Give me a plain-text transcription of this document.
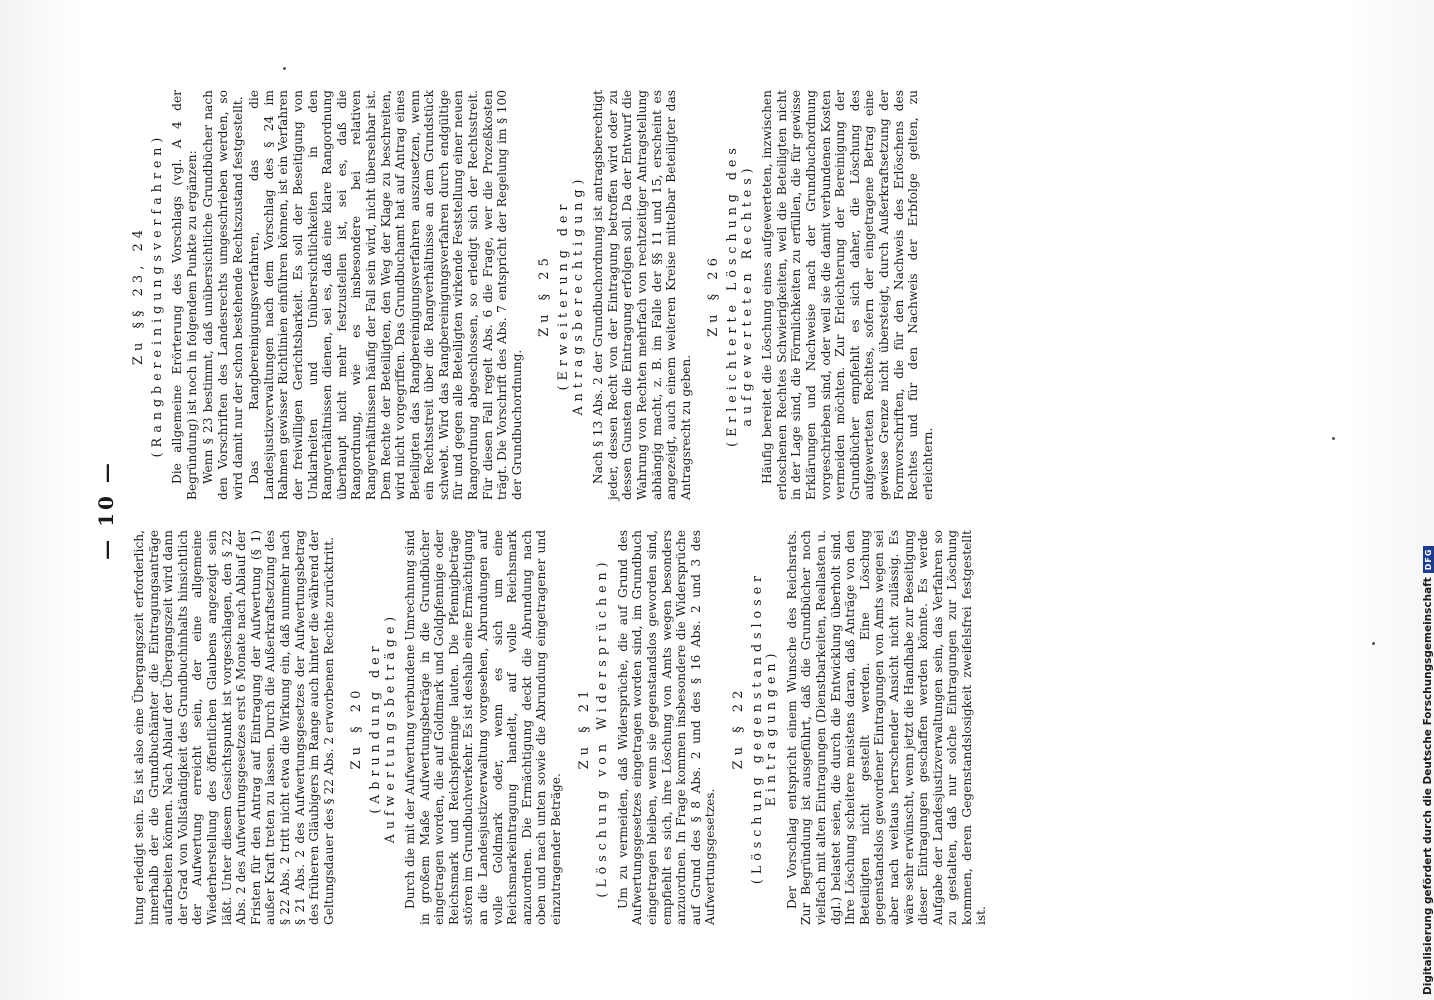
— 10 —

tung erledigt sein. Es ist also eine Übergangszeit erforderlich, innerhalb der die Grundbuchämter die Eintragungsanträge aufarbeiten können. Nach Ablauf der Übergangszeit wird dann der Grad von Vollständigkeit des Grundbuchinhalts hinsichtlich der Aufwertung erreicht sein, der eine allgemeine Wiederherstellung des öffentlichen Glaubens angezeigt sein läßt. Unter diesem Gesichtspunkt ist vorgeschlagen, den § 22 Abs. 2 des Aufwertungsgesetzes erst 6 Monate nach Ablauf der Fristen für den Antrag auf Eintragung der Aufwertung (§ 1) außer Kraft treten zu lassen. Durch die Außerkraftsetzung des § 22 Abs. 2 tritt nicht etwa die Wirkung ein, daß nunmehr nach § 21 Abs. 2 des Aufwertungsgesetzes der Aufwertungsbetrag des früheren Gläubigers im Range auch hinter die während der Geltungsdauer des § 22 Abs. 2 erworbenen Rechte zurücktritt. Zu § 20 (Abrundung der Aufwertungsbeträge) Durch die mit der Aufwertung verbundene Umrechnung sind in großem Maße Aufwertungsbeträge in die Grundbücher eingetragen worden, die auf Goldmark und Goldpfennige oder Reichsmark und Reichspfennige lauten. Die Pfennigbeträge stören im Grundbuchverkehr. Es ist deshalb eine Ermächtigung an die Landesjustizverwaltung vorgesehen, Abrundungen auf volle Goldmark oder, wenn es sich um eine Reichsmarkeintragung handelt, auf volle Reichsmark anzuordnen. Die Ermächtigung deckt die Abrundung nach oben und nach unten sowie die Abrundung eingetragener und einzutragender Beträge.

Zu § 21 (Löschung von Widersprüchen) Um zu vermeiden, daß Widersprüche, die auf Grund des Aufwertungsgesetzes eingetragen worden sind, im Grundbuch eingetragen bleiben, wenn sie gegenstandslos geworden sind, empfiehlt es sich, ihre Löschung von Amts wegen besonders anzuordnen. In Frage kommen insbesondere die Widersprüche auf Grund des § 8 Abs. 2 und des § 16 Abs. 2 und 3 des Aufwertungsgesetzes.

Zu § 22 (Löschung gegenstandsloser Eintragungen) Der Vorschlag entspricht einem Wunsche des Reichsrats. Zur Begründung ist ausgeführt, daß die Grundbücher noch vielfach mit alten Eintragungen (Dienstbarkeiten, Reallasten u. dgl.) belastet seien, die durch die Entwicklung überholt sind. Ihre Löschung scheitere meistens daran, daß Anträge von den Beteiligten nicht gestellt werden. Eine Löschung gegenstandslos gewordener Eintragungen von Amts wegen sei aber nach weitaus herrschender Ansicht nicht zulässig. Es wäre sehr erwünscht, wenn jetzt die Handhabe zur Beseitigung dieser Eintragungen geschaffen werden könnte. Es werde Aufgabe der Landesjustizverwaltungen sein, das Verfahren so zu gestalten, daß nur solche Eintragungen zur Löschung kommen, deren Gegenstandslosigkeit zweifelsfrei festgestellt ist.

Zu §§ 23, 24 (Rangbereinigungsverfahren) Die allgemeine Erörterung des Vorschlags (vgl. A 4 der Begründung) ist noch in folgendem Punkte zu ergänzen: Wenn § 23 bestimmt, daß unübersichtliche Grundbücher nach den Vorschriften des Landesrechts umgeschrieben werden, so wird damit nur der schon bestehende Rechtszustand festgestellt. Das Rangbereinigungsverfahren, das die Landesjustizverwaltungen nach dem Vorschlag des § 24 im Rahmen gewisser Richtlinien einführen können, ist ein Verfahren der freiwilligen Gerichtsbarkeit. Es soll der Beseitigung von Unklarheiten und Unübersichtlichkeiten in den Rangverhältnissen dienen, sei es, daß eine klare Rangordnung überhaupt nicht mehr festzustellen ist, sei es, daß die Rangordnung, wie es insbesondere bei relativen Rangverhältnissen häufig der Fall sein wird, nicht übersehbar ist. Dem Rechte der Beteiligten, den Weg der Klage zu beschreiten, wird nicht vorgegriffen. Das Grundbuchamt hat auf Antrag eines Beteiligten das Rangbereinigungsverfahren auszusetzen, wenn ein Rechtsstreit über die Rangverhältnisse an dem Grundstück schwebt. Wird das Rangbereinigungsverfahren durch endgültige für und gegen alle Beteiligten wirkende Feststellung einer neuen Rangordnung abgeschlossen, so erledigt sich der Rechtsstreit. Für diesen Fall regelt Abs. 6 die Frage, wer die Prozeßkosten trägt. Die Vorschrift des Abs. 7 entspricht der Regelung im § 100 der Grundbuchordnung.

Zu § 25 (Erweiterung der Antragsberechtigung) Nach § 13 Abs. 2 der Grundbuchordnung ist antragsberechtigt jeder, dessen Recht von der Eintragung betroffen wird oder zu dessen Gunsten die Eintragung erfolgen soll. Da der Entwurf die Wahrung von Rechten mehrfach von rechtzeitiger Antragstellung abhängig macht, z. B. im Falle der §§ 11 und 15, erscheint es angezeigt, auch einem weiteren Kreise mittelbar Beteiligter das Antragsrecht zu geben.

Zu § 26 (Erleichterte Löschung des aufgewerteten Rechtes) Häufig bereitet die Löschung eines aufgewerteten, inzwischen erloschenen Rechtes Schwierigkeiten, weil die Beteiligten nicht in der Lage sind, die Förmlichkeiten zu erfüllen, die für gewisse Erklärungen und Nachweise nach der Grundbuchordnung vorgeschrieben sind, oder weil sie die damit verbundenen Kosten vermeiden möchten. Zur Erleichterung der Bereinigung der Grundbücher empfiehlt es sich daher, die Löschung des aufgewerteten Rechtes, sofern der eingetragene Betrag eine gewisse Grenze nicht übersteigt, durch Außerkraftsetzung der Formvorschriften, die für den Nachweis des Erlöschens des Rechtes und für den Nachweis der Erbfolge gelten, zu erleichtern.

Digitalisierung gefördert durch die Deutsche Forschungsgemeinschaft
DFG
